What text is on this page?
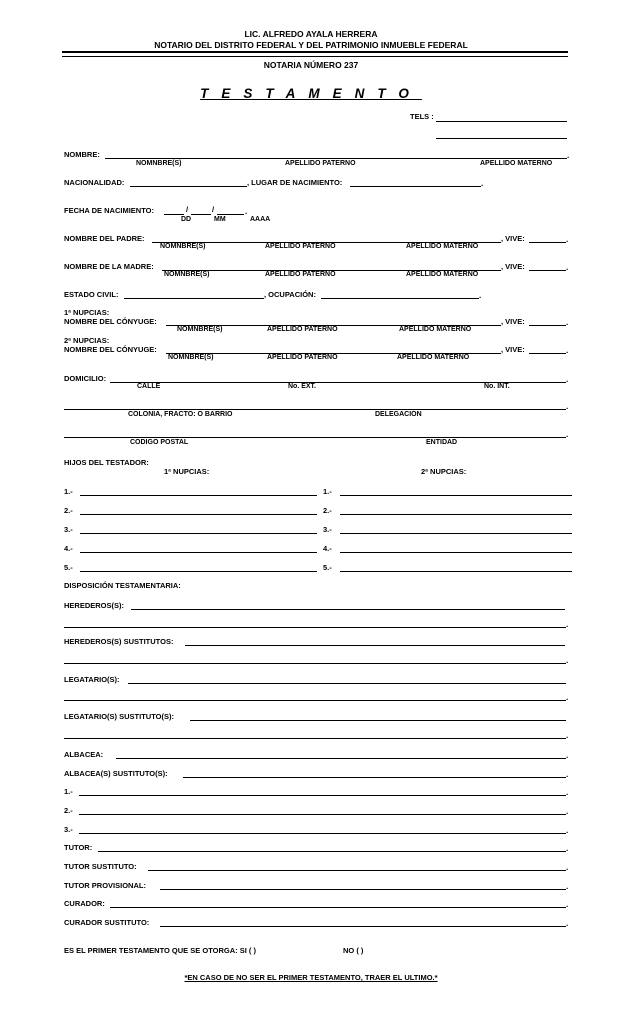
LIC. ALFREDO AYALA HERRERA
NOTARIO DEL DISTRITO FEDERAL Y DEL PATRIMONIO INMUEBLE FEDERAL
NOTARIA NÚMERO 237
TESTAMENTO
TELS :
NOMBRE:	.
NOMNBRE(S)	APELLIDO PATERNO	APELLIDO MATERNO
NACIONALIDAD:	, LUGAR DE NACIMIENTO:	.
FECHA DE NACIMIENTO:	/	/	.
DD	MM	AAAA
NOMBRE DEL PADRE:	, VIVE:	.
NOMNBRE(S)	APELLIDO PATERNO	APELLIDO MATERNO
NOMBRE DE LA MADRE:	, VIVE:	.
NOMNBRE(S)	APELLIDO PATERNO	APELLIDO MATERNO
ESTADO CIVIL:	, OCUPACIÓN:	.
1ª NUPCIAS:
NOMBRE DEL CÓNYUGE:	, VIVE:	.
NOMNBRE(S)	APELLIDO PATERNO	APELLIDO MATERNO
2ª NUPCIAS:
NOMBRE DEL CÓNYUGE:	, VIVE:	.
NOMNBRE(S)	APELLIDO PATERNO	APELLIDO MATERNO
DOMICILIO:	.
CALLE	No. EXT.	No. INT.
.
COLONIA, FRACTO: O BARRIO	DELEGACIÓN
.
CÓDIGO POSTAL	ENTIDAD
HIJOS DEL TESTADOR:
1ª NUPCIAS:	2ª NUPCIAS:
1.-	1.-
2.-	2.-
3.-	3.-
4.-	4.-
5.-	5.-
DISPOSICIÓN TESTAMENTARIA:
HEREDEROS(S):
.
HEREDEROS(S) SUSTITUTOS:
.
LEGATARIO(S):
.
LEGATARIO(S) SUSTITUTO(S):
.
ALBACEA:	.
ALBACEA(S) SUSTITUTO(S):	.
1.-	.
2.-	.
3.-	.
TUTOR:	.
TUTOR SUSTITUTO:	.
TUTOR PROVISIONAL:	.
CURADOR:	.
CURADOR SUSTITUTO:	.
ES EL PRIMER TESTAMENTO QUE SE OTORGA: SI ( )	NO ( )
*EN CASO DE NO SER EL PRIMER TESTAMENTO, TRAER EL ULTIMO.*
